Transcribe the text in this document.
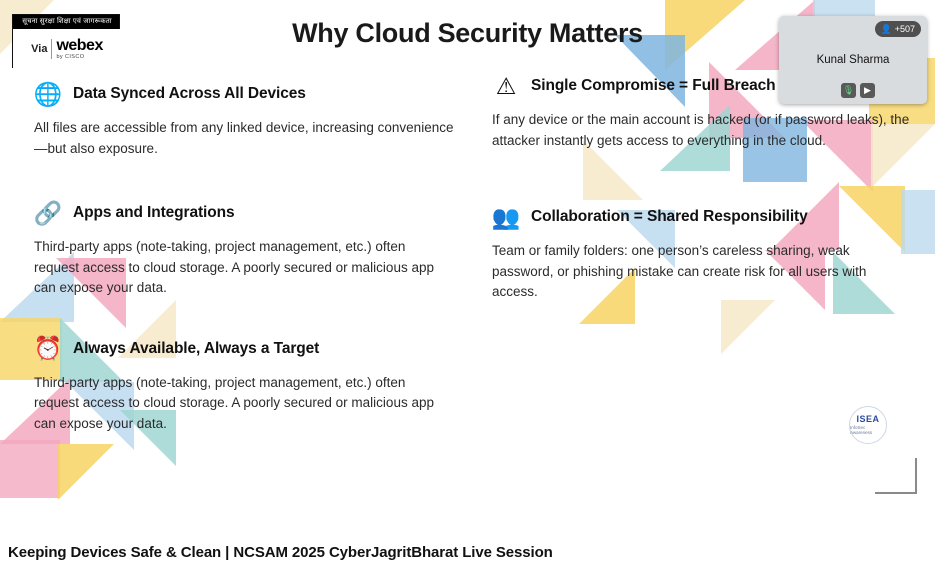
सूचना सुरक्षा शिक्षा एवं जागरूकता
Via webex
by CISCO
Why Cloud Security Matters
🌐 Data Synced Across All Devices
All files are accessible from any linked device, increasing convenience—but also exposure.
🔗 Apps and Integrations
Third-party apps (note-taking, project management, etc.) often request access to cloud storage. A poorly secured or malicious app can expose your data.
⏰ Always Available, Always a Target
Third-party apps (note-taking, project management, etc.) often request access to cloud storage. A poorly secured or malicious app can expose your data.
⚠ Single Compromise = Full Breach
If any device or the main account is hacked (or if password leaks), the attacker instantly gets access to everything in the cloud.
👥 Collaboration = Shared Responsibility
Team or family folders: one person’s careless sharing, weak password, or phishing mistake can create risk for all users with access.
ISEA
InfoSec Awareness
👤 +507
Kunal Sharma
🎙	▶
Keeping Devices Safe & Clean | NCSAM 2025 CyberJagritBharat Live Session
